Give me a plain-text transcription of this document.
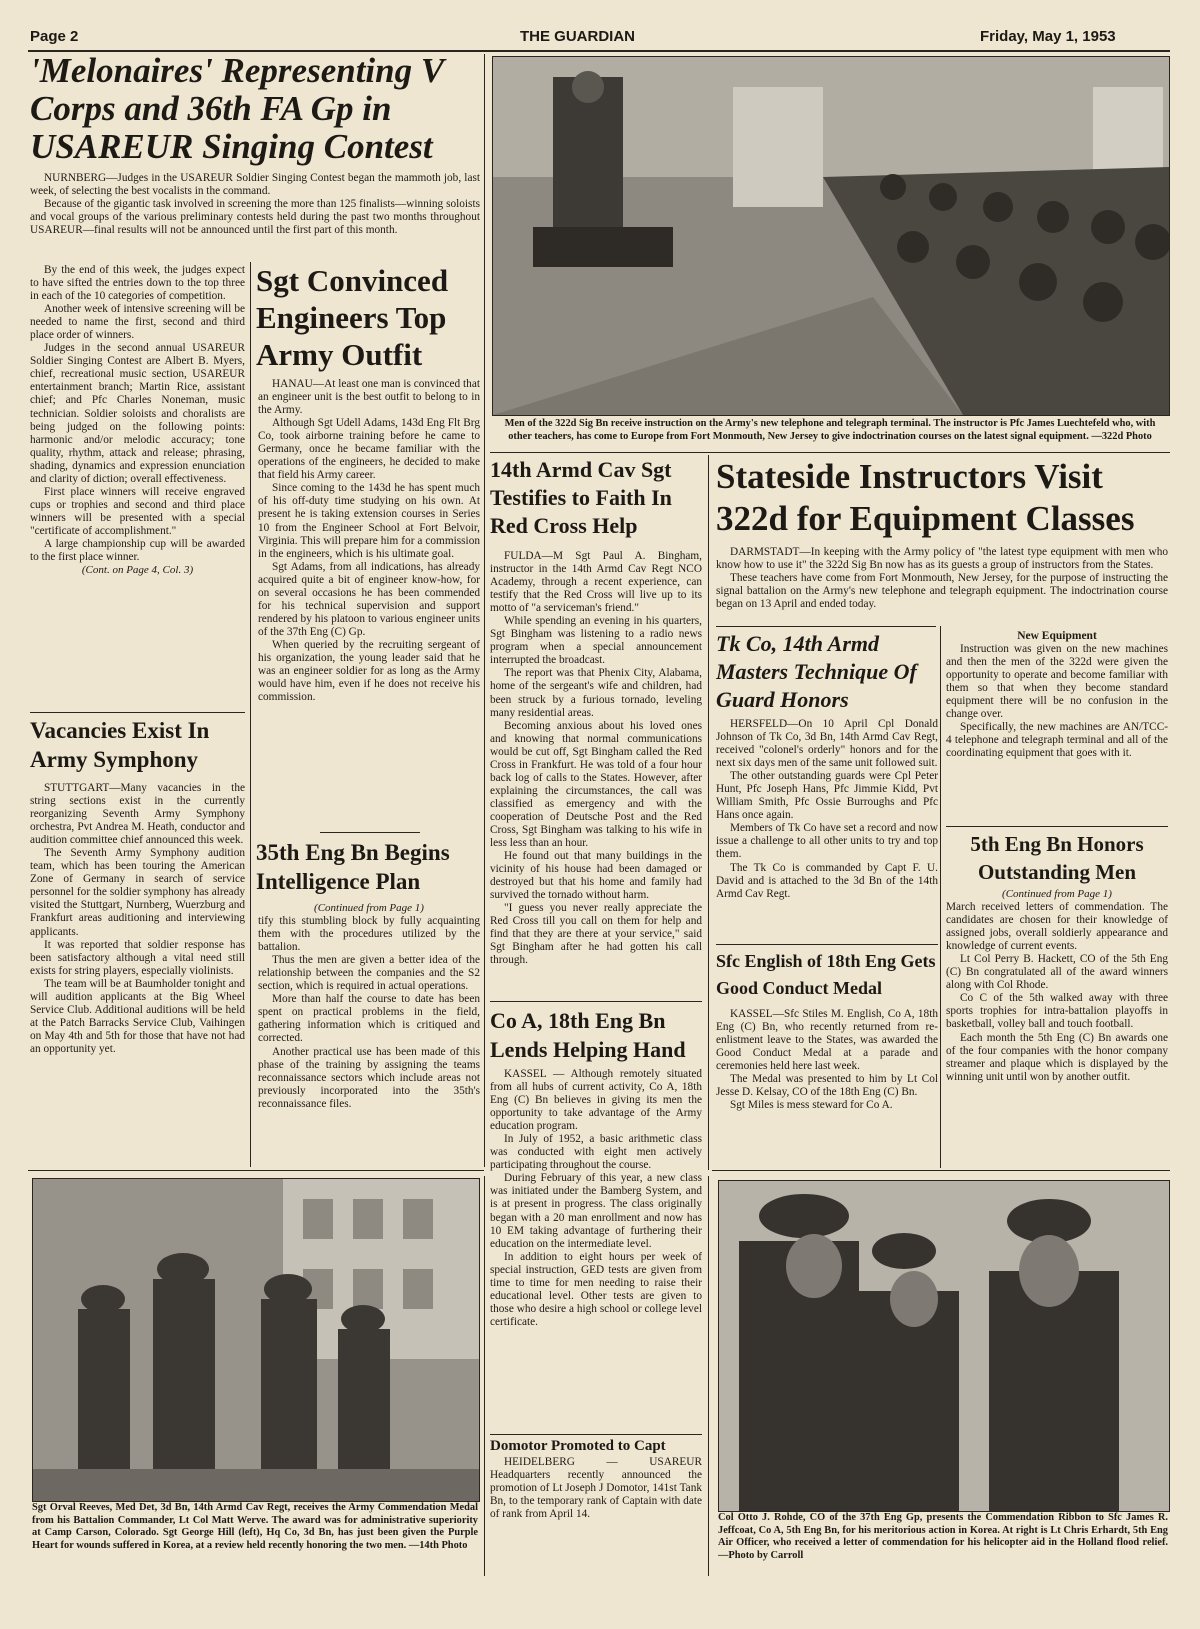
Page 2	THE GUARDIAN	Friday, May 1, 1953
'Melonaires' Representing V Corps and 36th FA Gp in USAREUR Singing Contest

NURNBERG—Judges in the USAREUR Soldier Singing Contest began the mammoth job, last week, of selecting the best vocalists in the command.

Because of the gigantic task involved in screening the more than 125 finalists—winning soloists and vocal groups of the various preliminary contests held during the past two months throughout USAREUR—final results will not be announced until the first part of this month.

By the end of this week, the judges expect to have sifted the entries down to the top three in each of the 10 categories of competition.

Another week of intensive screening will be needed to name the first, second and third place order of winners.

Judges in the second annual USAREUR Soldier Singing Contest are Albert B. Myers, chief, recreational music section, USAREUR entertainment branch; Martin Rice, assistant chief; and Pfc Charles Noneman, music technician. Soldier soloists and choralists are being judged on the following points: harmonic and/or melodic accuracy; tone quality, rhythm, attack and release; phrasing, shading, dynamics and expression enunciation and clarity of diction; overall effectiveness.

First place winners will receive engraved cups or trophies and second and third place winners will be presented with a special "certificate of accomplishment."

A large championship cup will be awarded to the first place winner.

(Cont. on Page 4, Col. 3)
Vacancies Exist In Army Symphony

STUTTGART—Many vacancies in the string sections exist in the currently reorganizing Seventh Army Symphony orchestra, Pvt Andrea M. Heath, conductor and audition committee chief announced this week.

The Seventh Army Symphony audition team, which has been touring the American Zone of Germany in search of service personnel for the soldier symphony has already visited the Stuttgart, Nurnberg, Wuerzburg and Frankfurt areas auditioning and interviewing applicants.

It was reported that soldier response has been satisfactory although a vital need still exists for string players, especially violinists.

The team will be at Baumholder tonight and will audition applicants at the Big Wheel Service Club. Additional auditions will be held at the Patch Barracks Service Club, Vaihingen on May 4th and 5th for those that have not had an opportunity yet.

Sgt Convinced Engineers Top Army Outfit

HANAU—At least one man is convinced that an engineer unit is the best outfit to belong to in the Army.

Although Sgt Udell Adams, 143d Eng Flt Brg Co, took airborne training before he came to Germany, once he became familiar with the operations of the engineers, he decided to make that field his Army career.

Since coming to the 143d he has spent much of his off-duty time studying on his own. At present he is taking extension courses in Series 10 from the Engineer School at Fort Belvoir, Virginia. This will prepare him for a commission in the engineers, which is his ultimate goal.

Sgt Adams, from all indications, has already acquired quite a bit of engineer know-how, for on several occasions he has been commended for his technical supervision and support rendered by his platoon to various engineer units of the 37th Eng (C) Gp.

When queried by the recruiting sergeant of his organization, the young leader said that he was an engineer soldier for as long as the Army would have him, even if he does not receive his commission.

35th Eng Bn Begins Intelligence Plan
(Continued from Page 1)

tify this stumbling block by fully acquainting them with the procedures utilized by the battalion.

Thus the men are given a better idea of the relationship between the companies and the S2 section, which is required in actual operations.

More than half the course to date has been spent on practical problems in the field, gathering information which is critiqued and corrected.

Another practical use has been made of this phase of the training by assigning the teams reconnaissance sectors which include areas not previously incorporated into the 35th's reconnaissance files.

Men of the 322d Sig Bn receive instruction on the Army's new telephone and telegraph terminal. The instructor is Pfc James Luechtefeld who, with other teachers, has come to Europe from Fort Monmouth, New Jersey to give indoctrination courses on the latest signal equipment. —322d Photo
14th Armd Cav Sgt Testifies to Faith In Red Cross Help

FULDA—M Sgt Paul A. Bingham, instructor in the 14th Armd Cav Regt NCO Academy, through a recent experience, can testify that the Red Cross will live up to its motto of "a serviceman's friend."

While spending an evening in his quarters, Sgt Bingham was listening to a radio news program when a special announcement interrupted the broadcast.

The report was that Phenix City, Alabama, home of the sergeant's wife and children, had been struck by a furious tornado, leveling many residential areas.

Becoming anxious about his loved ones and knowing that normal communications would be cut off, Sgt Bingham called the Red Cross in Frankfurt. He was told of a four hour back log of calls to the States. However, after explaining the circumstances, the call was classified as emergency and with the cooperation of Deutsche Post and the Red Cross, Sgt Bingham was talking to his wife in less less than an hour.

He found out that many buildings in the vicinity of his house had been damaged or destroyed but that his home and family had survived the tornado without harm.

"I guess you never really appreciate the Red Cross till you call on them for help and find that they are there at your service," said Sgt Bingham after he had gotten his call through.

Stateside Instructors Visit 322d for Equipment Classes

DARMSTADT—In keeping with the Army policy of "the latest type equipment with men who know how to use it" the 322d Sig Bn now has as its guests a group of instructors from the States.

These teachers have come from Fort Monmouth, New Jersey, for the purpose of instructing the signal battalion on the Army's new telephone and telegraph equipment. The indoctrination course began on 13 April and ended today.

New Equipment

Instruction was given on the new machines and then the men of the 322d were given the opportunity to operate and become familiar with them so that when they become standard equipment there will be no confusion in the change over.

Specifically, the new machines are AN/TCC-4 telephone and telegraph terminal and all of the coordinating equipment that goes with it.

Tk Co, 14th Armd Masters Technique Of Guard Honors

HERSFELD—On 10 April Cpl Donald Johnson of Tk Co, 3d Bn, 14th Armd Cav Regt, received "colonel's orderly" honors and for the next six days men of the same unit followed suit.

The other outstanding guards were Cpl Peter Hunt, Pfc Joseph Hans, Pfc Jimmie Kidd, Pvt William Smith, Pfc Ossie Burroughs and Pfc Hans once again.

Members of Tk Co have set a record and now issue a challenge to all other units to try and top them.

The Tk Co is commanded by Capt F. U. David and is attached to the 3d Bn of the 14th Armd Cav Regt.

Sfc English of 18th Eng Gets Good Conduct Medal

KASSEL—Sfc Stiles M. English, Co A, 18th Eng (C) Bn, who recently returned from re-enlistment leave to the States, was awarded the Good Conduct Medal at a parade and ceremonies held here last week.

The Medal was presented to him by Lt Col Jesse D. Kelsay, CO of the 18th Eng (C) Bn.

Sgt Miles is mess steward for Co A.

5th Eng Bn Honors Outstanding Men
(Continued from Page 1)

March received letters of commendation. The candidates are chosen for their knowledge of assigned jobs, overall soldierly appearance and knowledge of current events.

Lt Col Perry B. Hackett, CO of the 5th Eng (C) Bn congratulated all of the award winners along with Col Rhode.

Co C of the 5th walked away with three sports trophies for intra-battalion playoffs in basketball, volley ball and touch football.

Each month the 5th Eng (C) Bn awards one of the four companies with the honor company streamer and plaque which is displayed by the winning unit until won by another outfit.

Co A, 18th Eng Bn Lends Helping Hand

KASSEL — Although remotely situated from all hubs of current activity, Co A, 18th Eng (C) Bn believes in giving its men the opportunity to take advantage of the Army education program.

In July of 1952, a basic arithmetic class was conducted with eight men actively participating throughout the course.

During February of this year, a new class was initiated under the Bamberg System, and is at present in progress. The class originally began with a 20 man enrollment and now has 10 EM taking advantage of furthering their education on the intermediate level.

In addition to eight hours per week of special instruction, GED tests are given from time to time for men needing to raise their educational level. Other tests are given to those who desire a high school or college level certificate.

Domotor Promoted to Capt

HEIDELBERG — USAREUR Headquarters recently announced the promotion of Lt Joseph J Domotor, 141st Tank Bn, to the temporary rank of Captain with date of rank from April 14.

Sgt Orval Reeves, Med Det, 3d Bn, 14th Armd Cav Regt, receives the Army Commendation Medal from his Battalion Commander, Lt Col Matt Werve. The award was for administrative superiority at Camp Carson, Colorado. Sgt George Hill (left), Hq Co, 3d Bn, has just been given the Purple Heart for wounds suffered in Korea, at a review held recently honoring the two men. —14th Photo
Col Otto J. Rohde, CO of the 37th Eng Gp, presents the Commendation Ribbon to Sfc James R. Jeffcoat, Co A, 5th Eng Bn, for his meritorious action in Korea. At right is Lt Chris Erhardt, 5th Eng Air Officer, who received a letter of commendation for his helicopter aid in the Holland flood relief. —Photo by Carroll
